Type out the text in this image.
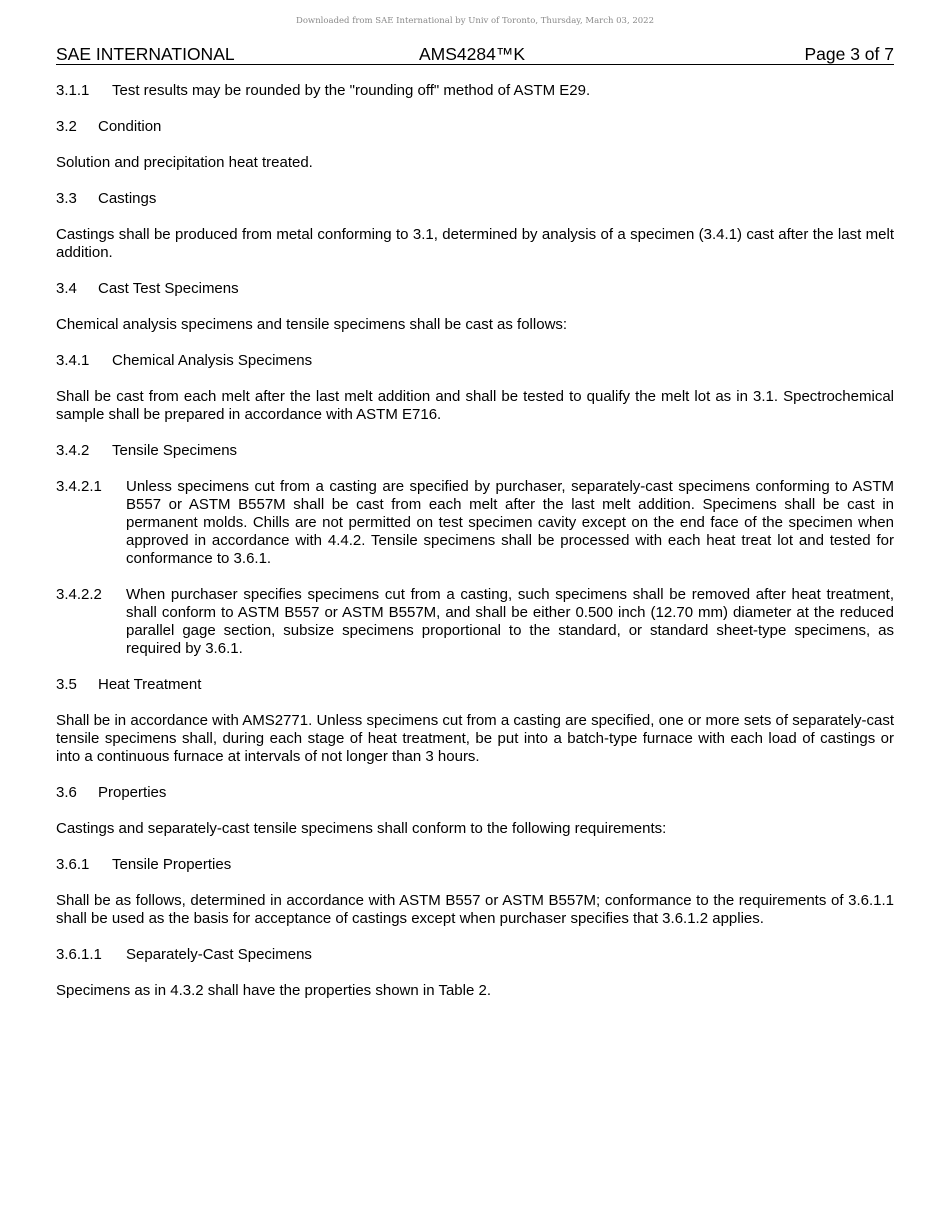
Downloaded from SAE International by Univ of Toronto, Thursday, March 03, 2022
SAE INTERNATIONAL	AMS4284™K	Page 3 of 7
3.1.1	Test results may be rounded by the "rounding off" method of ASTM E29.
3.2	Condition
Solution and precipitation heat treated.
3.3	Castings
Castings shall be produced from metal conforming to 3.1, determined by analysis of a specimen (3.4.1) cast after the last melt addition.
3.4	Cast Test Specimens
Chemical analysis specimens and tensile specimens shall be cast as follows:
3.4.1	Chemical Analysis Specimens
Shall be cast from each melt after the last melt addition and shall be tested to qualify the melt lot as in 3.1. Spectrochemical sample shall be prepared in accordance with ASTM E716.
3.4.2	Tensile Specimens
3.4.2.1	Unless specimens cut from a casting are specified by purchaser, separately-cast specimens conforming to ASTM B557 or ASTM B557M shall be cast from each melt after the last melt addition. Specimens shall be cast in permanent molds. Chills are not permitted on test specimen cavity except on the end face of the specimen when approved in accordance with 4.4.2. Tensile specimens shall be processed with each heat treat lot and tested for conformance to 3.6.1.
3.4.2.2	When purchaser specifies specimens cut from a casting, such specimens shall be removed after heat treatment, shall conform to ASTM B557 or ASTM B557M, and shall be either 0.500 inch (12.70 mm) diameter at the reduced parallel gage section, subsize specimens proportional to the standard, or standard sheet-type specimens, as required by 3.6.1.
3.5	Heat Treatment
Shall be in accordance with AMS2771. Unless specimens cut from a casting are specified, one or more sets of separately-cast tensile specimens shall, during each stage of heat treatment, be put into a batch-type furnace with each load of castings or into a continuous furnace at intervals of not longer than 3 hours.
3.6	Properties
Castings and separately-cast tensile specimens shall conform to the following requirements:
3.6.1	Tensile Properties
Shall be as follows, determined in accordance with ASTM B557 or ASTM B557M; conformance to the requirements of 3.6.1.1 shall be used as the basis for acceptance of castings except when purchaser specifies that 3.6.1.2 applies.
3.6.1.1	Separately-Cast Specimens
Specimens as in 4.3.2 shall have the properties shown in Table 2.
